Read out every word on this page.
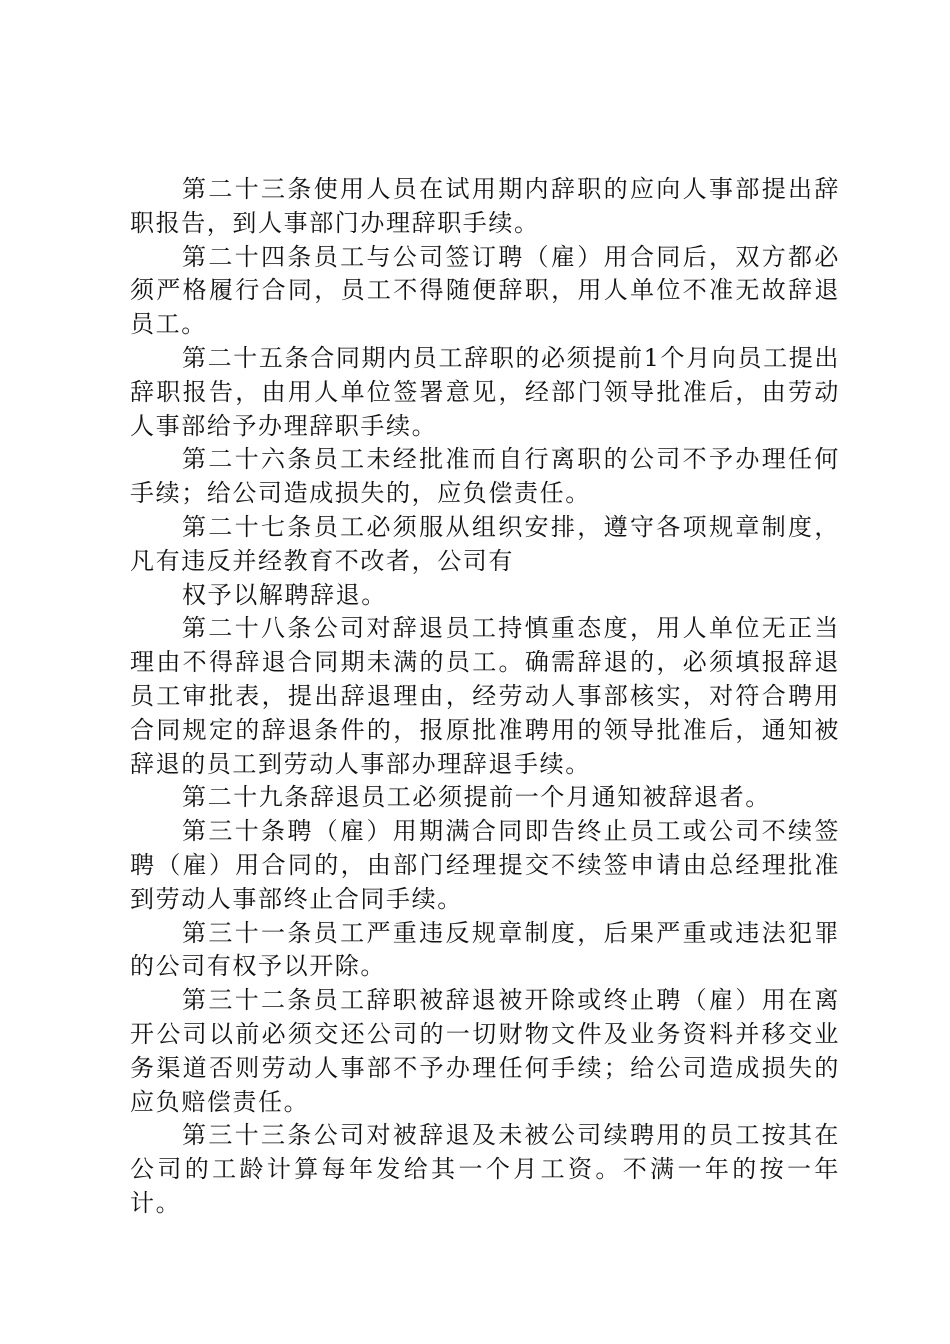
第二十三条使用人员在试用期内辞职的应向人事部提出辞职报告，到人事部门办理辞职手续。

第二十四条员工与公司签订聘（雇）用合同后，双方都必须严格履行合同，员工不得随便辞职，用人单位不准无故辞退员工。

第二十五条合同期内员工辞职的必须提前1个月向员工提出辞职报告，由用人单位签署意见，经部门领导批准后，由劳动人事部给予办理辞职手续。

第二十六条员工未经批准而自行离职的公司不予办理任何手续；给公司造成损失的，应负偿责任。

第二十七条员工必须服从组织安排，遵守各项规章制度，凡有违反并经教育不改者，公司有

权予以解聘辞退。

第二十八条公司对辞退员工持慎重态度，用人单位无正当理由不得辞退合同期未满的员工。确需辞退的，必须填报辞退员工审批表，提出辞退理由，经劳动人事部核实，对符合聘用合同规定的辞退条件的，报原批准聘用的领导批准后，通知被辞退的员工到劳动人事部办理辞退手续。

第二十九条辞退员工必须提前一个月通知被辞退者。

第三十条聘（雇）用期满合同即告终止员工或公司不续签聘（雇）用合同的，由部门经理提交不续签申请由总经理批准到劳动人事部终止合同手续。

第三十一条员工严重违反规章制度，后果严重或违法犯罪的公司有权予以开除。

第三十二条员工辞职被辞退被开除或终止聘（雇）用在离开公司以前必须交还公司的一切财物文件及业务资料并移交业务渠道否则劳动人事部不予办理任何手续；给公司造成损失的应负赔偿责任。

第三十三条公司对被辞退及未被公司续聘用的员工按其在公司的工龄计算每年发给其一个月工资。不满一年的按一年计。
